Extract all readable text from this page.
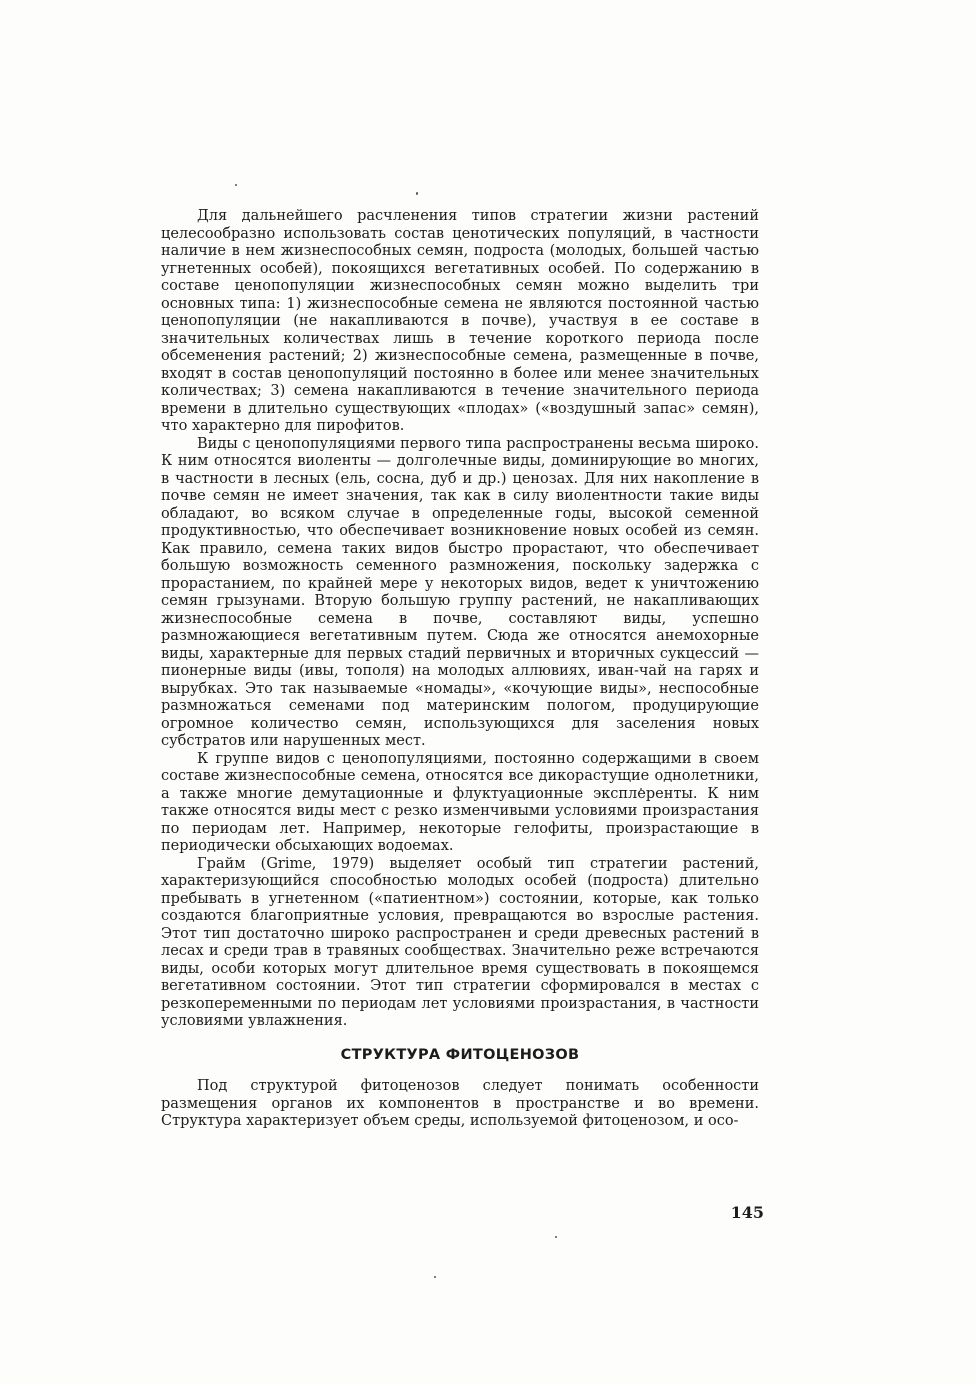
Для дальнейшего расчленения типов стратегии жизни растений целесообразно использовать состав ценотических популяций, в частности наличие в нем жизнеспособных семян, подроста (молодых, большей частью угнетенных особей), покоящихся вегетативных особей. По содержанию в составе ценопопуляции жизнеспособных семян можно выделить три основных типа: 1) жизнеспособные семена не являются постоянной частью ценопопуляции (не накапливаются в почве), участвуя в ее составе в значительных количествах лишь в течение короткого периода после обсеменения растений; 2) жизнеспособные семена, размещенные в почве, входят в состав ценопопуляций постоянно в более или менее значительных количествах; 3) семена накапливаются в течение значительного периода времени в длительно существующих «плодах» («воздушный запас» семян), что характерно для пирофитов.

Виды с ценопопуляциями первого типа распространены весьма широко. К ним относятся виоленты — долголечные виды, доминирующие во многих, в частности в лесных (ель, сосна, дуб и др.) ценозах. Для них накопление в почве семян не имеет значения, так как в силу виолентности такие виды обладают, во всяком случае в определенные годы, высокой семенной продуктивностью, что обеспечивает возникновение новых особей из семян. Как правило, семена таких видов быстро прорастают, что обеспечивает большую возможность семенного размножения, поскольку задержка с прорастанием, по крайней мере у некоторых видов, ведет к уничтожению семян грызунами. Вторую большую группу растений, не накапливающих жизнеспособные семена в почве, составляют виды, успешно размножающиеся вегетативным путем. Сюда же относятся анемохорные виды, характерные для первых стадий первичных и вторичных сукцессий — пионерные виды (ивы, тополя) на молодых аллювиях, иван-чай на гарях и вырубках. Это так называемые «номады», «кочующие виды», неспособные размножаться семенами под материнским пологом, продуцирующие огромное количество семян, использующихся для заселения новых субстратов или нарушенных мест.

К группе видов с ценопопуляциями, постоянно содержащими в своем составе жизнеспособные семена, относятся все дикорастущие однолетники, а также многие демутационные и флуктуационные эксплеренты. К ним также относятся виды мест с резко изменчивыми условиями произрастания по периодам лет. Например, некоторые гелофиты, произрастающие в периодически обсыхающих водоемах.

Грайм (Grime, 1979) выделяет особый тип стратегии растений, характеризующийся способностью молодых особей (подроста) длительно пребывать в угнетенном («патиентном») состоянии, которые, как только создаются благоприятные условия, превращаются во взрослые растения. Этот тип достаточно широко распространен и среди древесных растений в лесах и среди трав в травяных сообществах. Значительно реже встречаются виды, особи которых могут длительное время существовать в покоящемся вегетативном состоянии. Этот тип стратегии сформировался в местах с резкопеременными по периодам лет условиями произрастания, в частности условиями увлажнения.

СТРУКТУРА ФИТОЦЕНОЗОВ

Под структурой фитоценозов следует понимать особенности размещения органов их компонентов в пространстве и во времени. Структура характеризует объем среды, используемой фитоценозом, и осо-

145
